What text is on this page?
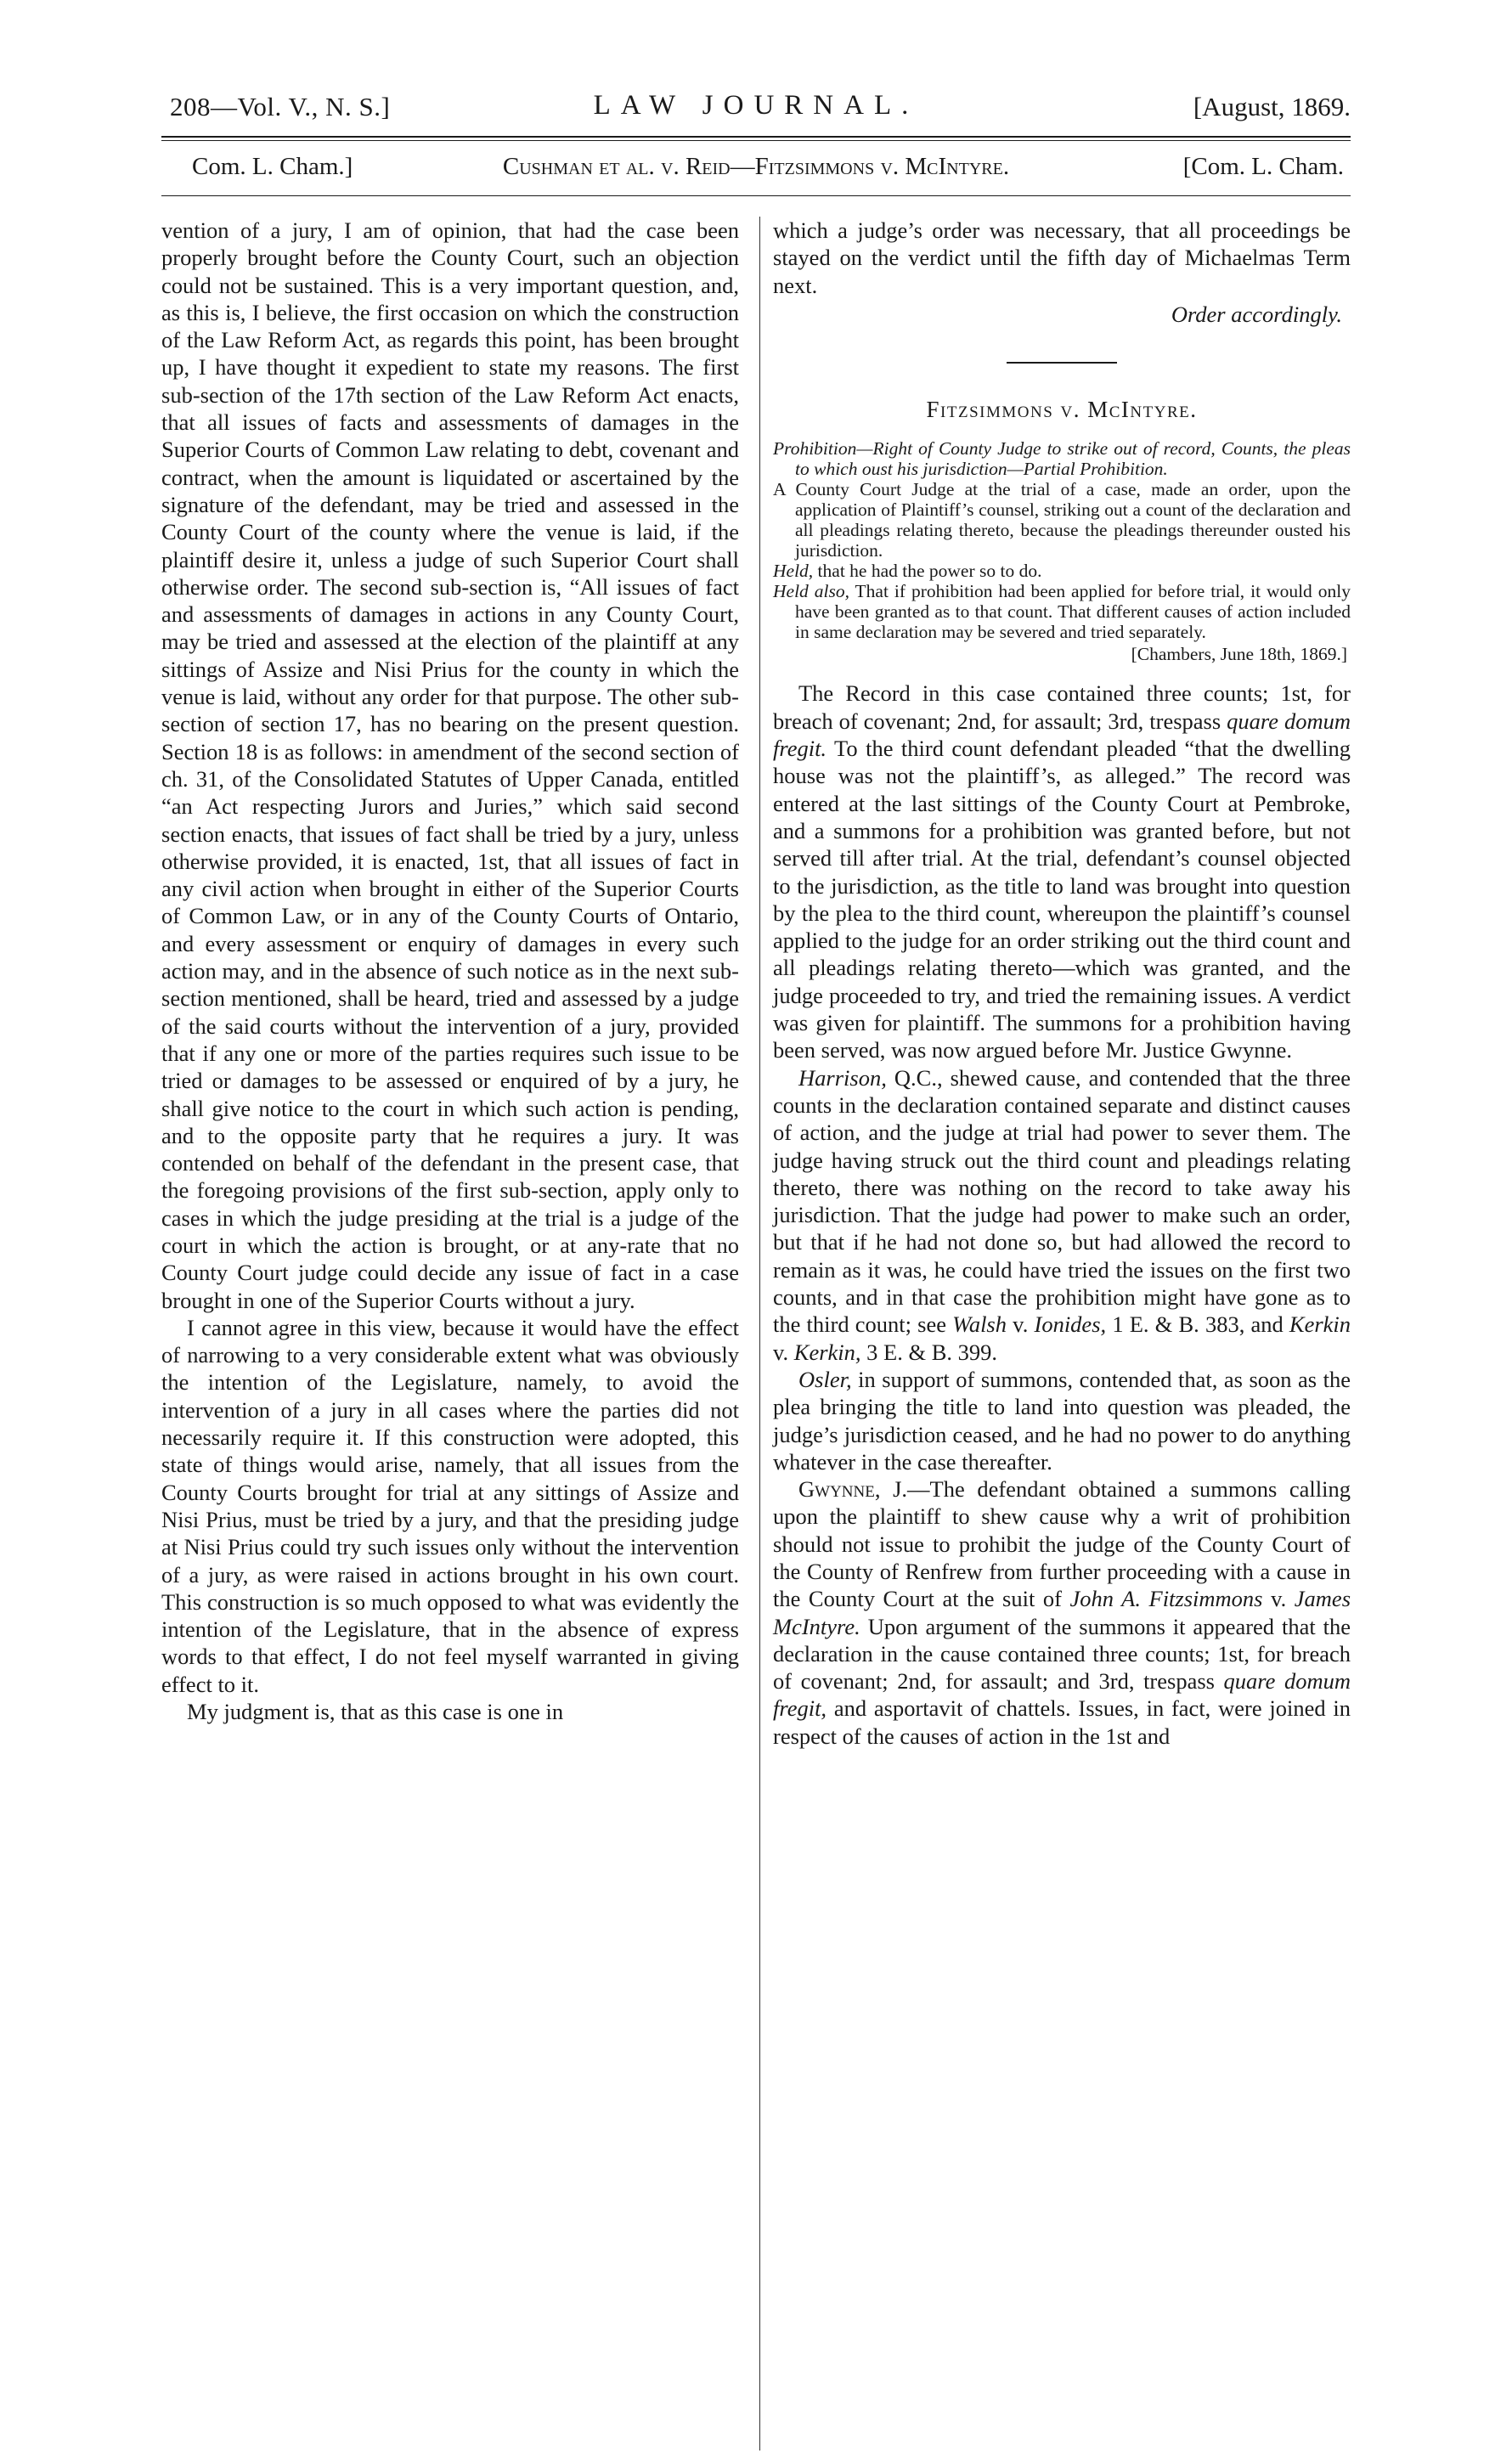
208—Vol. V., N. S.]	LAW JOURNAL.	[August, 1869.
Com. L. Cham.]	Cushman et al. v. Reid—Fitzsimmons v. McIntyre.	[Com. L. Cham.

vention of a jury, I am of opinion, that had the case been properly brought before the County Court, such an objection could not be sustained. This is a very important question, and, as this is, I believe, the first occasion on which the construction of the Law Reform Act, as regards this point, has been brought up, I have thought it expedient to state my reasons. The first sub-section of the 17th section of the Law Reform Act enacts, that all issues of facts and assessments of damages in the Superior Courts of Common Law relating to debt, covenant and contract, when the amount is liquidated or ascertained by the signature of the defendant, may be tried and assessed in the County Court of the county where the venue is laid, if the plaintiff desire it, unless a judge of such Superior Court shall otherwise order. The second sub-section is, “All issues of fact and assessments of damages in actions in any County Court, may be tried and assessed at the election of the plaintiff at any sittings of Assize and Nisi Prius for the county in which the venue is laid, without any order for that purpose. The other sub-section of section 17, has no bearing on the present question. Section 18 is as follows: in amendment of the second section of ch. 31, of the Consolidated Statutes of Upper Canada, entitled “an Act respecting Jurors and Juries,” which said second section enacts, that issues of fact shall be tried by a jury, unless otherwise provided, it is enacted, 1st, that all issues of fact in any civil action when brought in either of the Superior Courts of Common Law, or in any of the County Courts of Ontario, and every assessment or enquiry of damages in every such action may, and in the absence of such notice as in the next sub-section mentioned, shall be heard, tried and assessed by a judge of the said courts without the intervention of a jury, provided that if any one or more of the parties requires such issue to be tried or damages to be assessed or enquired of by a jury, he shall give notice to the court in which such action is pending, and to the opposite party that he requires a jury. It was contended on behalf of the defendant in the present case, that the foregoing provisions of the first sub-section, apply only to cases in which the judge presiding at the trial is a judge of the court in which the action is brought, or at any-rate that no County Court judge could decide any issue of fact in a case brought in one of the Superior Courts without a jury.

I cannot agree in this view, because it would have the effect of narrowing to a very considerable extent what was obviously the intention of the Legislature, namely, to avoid the intervention of a jury in all cases where the parties did not necessarily require it. If this construction were adopted, this state of things would arise, namely, that all issues from the County Courts brought for trial at any sittings of Assize and Nisi Prius, must be tried by a jury, and that the presiding judge at Nisi Prius could try such issues only without the intervention of a jury, as were raised in actions brought in his own court. This construction is so much opposed to what was evidently the intention of the Legislature, that in the absence of express words to that effect, I do not feel myself warranted in giving effect to it.

My judgment is, that as this case is one in

which a judge’s order was necessary, that all proceedings be stayed on the verdict until the fifth day of Michaelmas Term next.

Order accordingly.

Fitzsimmons v. McIntyre.

Prohibition—Right of County Judge to strike out of record, Counts, the pleas to which oust his jurisdiction—Partial Prohibition.

A County Court Judge at the trial of a case, made an order, upon the application of Plaintiff’s counsel, striking out a count of the declaration and all pleadings relating thereto, because the pleadings thereunder ousted his jurisdiction.

Held, that he had the power so to do.

Held also, That if prohibition had been applied for before trial, it would only have been granted as to that count. That different causes of action included in same declaration may be severed and tried separately.

[Chambers, June 18th, 1869.]

The Record in this case contained three counts; 1st, for breach of covenant; 2nd, for assault; 3rd, trespass quare domum fregit. To the third count defendant pleaded “that the dwelling house was not the plaintiff’s, as alleged.” The record was entered at the last sittings of the County Court at Pembroke, and a summons for a prohibition was granted before, but not served till after trial. At the trial, defendant’s counsel objected to the jurisdiction, as the title to land was brought into question by the plea to the third count, whereupon the plaintiff’s counsel applied to the judge for an order striking out the third count and all pleadings relating thereto—which was granted, and the judge proceeded to try, and tried the remaining issues. A verdict was given for plaintiff. The summons for a prohibition having been served, was now argued before Mr. Justice Gwynne.

Harrison, Q.C., shewed cause, and contended that the three counts in the declaration contained separate and distinct causes of action, and the judge at trial had power to sever them. The judge having struck out the third count and pleadings relating thereto, there was nothing on the record to take away his jurisdiction. That the judge had power to make such an order, but that if he had not done so, but had allowed the record to remain as it was, he could have tried the issues on the first two counts, and in that case the prohibition might have gone as to the third count; see Walsh v. Ionides, 1 E. & B. 383, and Kerkin v. Kerkin, 3 E. & B. 399.

Osler, in support of summons, contended that, as soon as the plea bringing the title to land into question was pleaded, the judge’s jurisdiction ceased, and he had no power to do anything whatever in the case thereafter.

Gwynne, J.—The defendant obtained a summons calling upon the plaintiff to shew cause why a writ of prohibition should not issue to prohibit the judge of the County Court of the County of Renfrew from further proceeding with a cause in the County Court at the suit of John A. Fitzsimmons v. James McIntyre. Upon argument of the summons it appeared that the declaration in the cause contained three counts; 1st, for breach of covenant; 2nd, for assault; and 3rd, trespass quare domum fregit, and asportavit of chattels. Issues, in fact, were joined in respect of the causes of action in the 1st and
